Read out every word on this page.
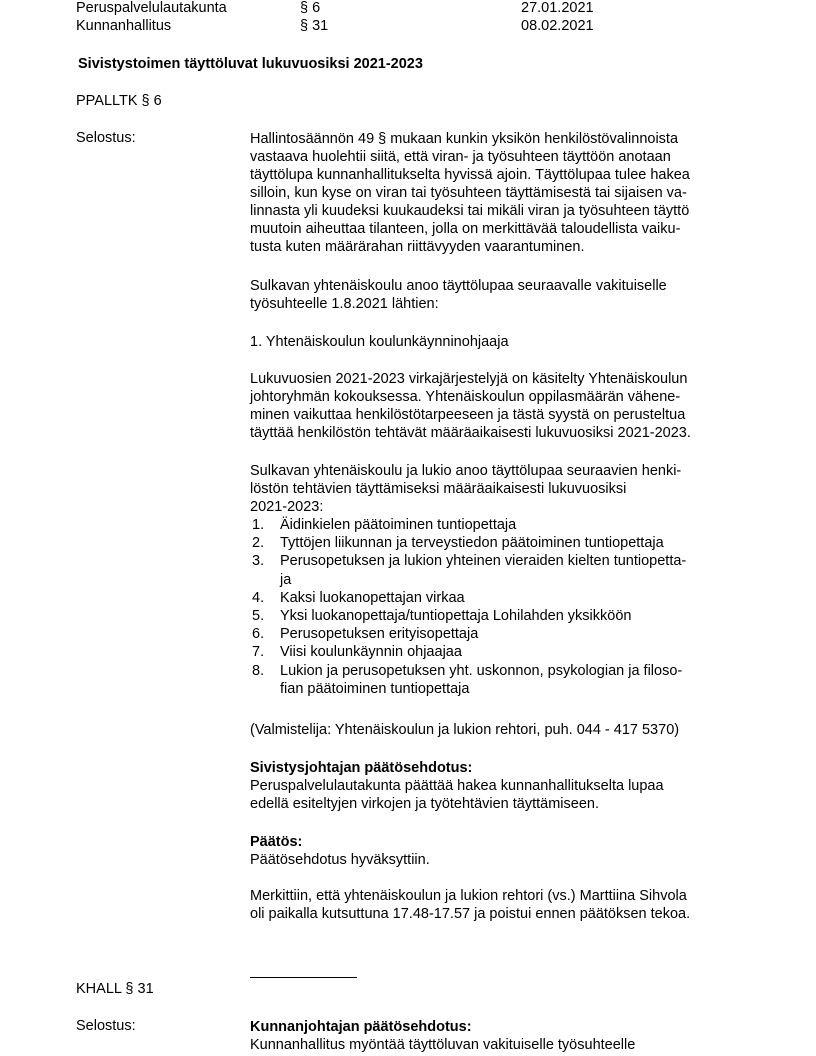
Peruspalvelulautakunta	§ 6	27.01.2021
Kunnanhallitus	§ 31	08.02.2021

Sivistystoimen täyttöluvat lukuvuosiksi 2021-2023

PPALLTK § 6

Selostus:	Hallintosäännön 49 § mukaan kunkin yksikön henkilöstövalinnoista

vastaava huolehtii siitä, että viran- ja työsuhteen täyttöön anotaan

täyttölupa kunnanhallitukselta hyvissä ajoin. Täyttölupaa tulee hakea

silloin, kun kyse on viran tai työsuhteen täyttämisestä tai sijaisen va-

linnasta yli kuudeksi kuukaudeksi tai mikäli viran ja työsuhteen täyttö

muutoin aiheuttaa tilanteen, jolla on merkittävää taloudellista vaiku-

tusta kuten määrärahan riittävyyden vaarantuminen.

Sulkavan yhtenäiskoulu anoo täyttölupaa seuraavalle vakituiselle

työsuhteelle 1.8.2021 lähtien:

1. Yhtenäiskoulun koulunkäynninohjaaja

Lukuvuosien 2021-2023 virkajärjestelyjä on käsitelty Yhtenäiskoulun

johtoryhmän kokouksessa. Yhtenäiskoulun oppilasmäärän vähene-

minen vaikuttaa henkilöstötarpeeseen ja tästä syystä on perusteltua

täyttää henkilöstön tehtävät määräaikaisesti lukuvuosiksi 2021-2023.

Sulkavan yhtenäiskoulu ja lukio anoo täyttölupaa seuraavien henki-

löstön tehtävien täyttämiseksi määräaikaisesti lukuvuosiksi

2021-2023:

1. Äidinkielen päätoiminen tuntiopettaja
2. Tyttöjen liikunnan ja terveystiedon päätoiminen tuntiopettaja
3. Perusopetuksen ja lukion yhteinen vieraiden kielten tuntiopetta-
ja
4. Kaksi luokanopettajan virkaa
5. Yksi luokanopettaja/tuntiopettaja Lohilahden yksikköön
6. Perusopetuksen erityisopettaja
7. Viisi koulunkäynnin ohjaajaa
8. Lukion ja perusopetuksen yht. uskonnon, psykologian ja filoso-
fian päätoiminen tuntiopettaja

(Valmistelija: Yhtenäiskoulun ja lukion rehtori, puh. 044 - 417 5370)

Sivistysjohtajan päätösehdotus:

Peruspalvelulautakunta päättää hakea kunnanhallitukselta lupaa

edellä esiteltyjen virkojen ja työtehtävien täyttämiseen.

Päätös:

Päätösehdotus hyväksyttiin.

Merkittiin, että yhtenäiskoulun ja lukion rehtori (vs.) Marttiina Sihvola

oli paikalla kutsuttuna 17.48-17.57 ja poistui ennen päätöksen tekoa.

KHALL § 31

Selostus:	Kunnanjohtajan päätösehdotus:

Kunnanhallitus myöntää täyttöluvan vakituiselle työsuhteelle
